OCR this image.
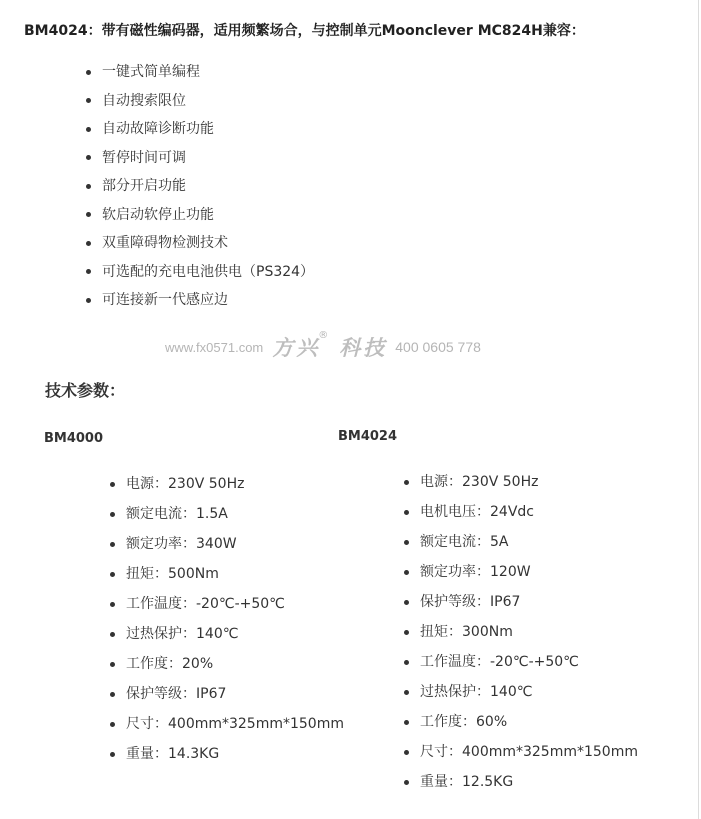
BM4024：带有磁性编码器，适用频繁场合，与控制单元Moonclever MC824H兼容：
一键式简单编程
自动搜索限位
自动故障诊断功能
暂停时间可调
部分开启功能
软启动软停止功能
双重障碍物检测技术
可选配的充电电池供电（PS324）
可连接新一代感应边
www.fx0571.com 方兴
® 科技 400 0605 778
技术参数：
BM4000	BM4024
电源：230V 50Hz
额定电流：1.5A
额定功率：340W
扭矩：500Nm
工作温度：-20℃-+50℃
过热保护：140℃
工作度：20%
保护等级：IP67
尺寸：400mm*325mm*150mm
重量：14.3KG
电源：230V 50Hz
电机电压：24Vdc
额定电流：5A
额定功率：120W
保护等级：IP67
扭矩：300Nm
工作温度：-20℃-+50℃
过热保护：140℃
工作度：60%
尺寸：400mm*325mm*150mm
重量：12.5KG
